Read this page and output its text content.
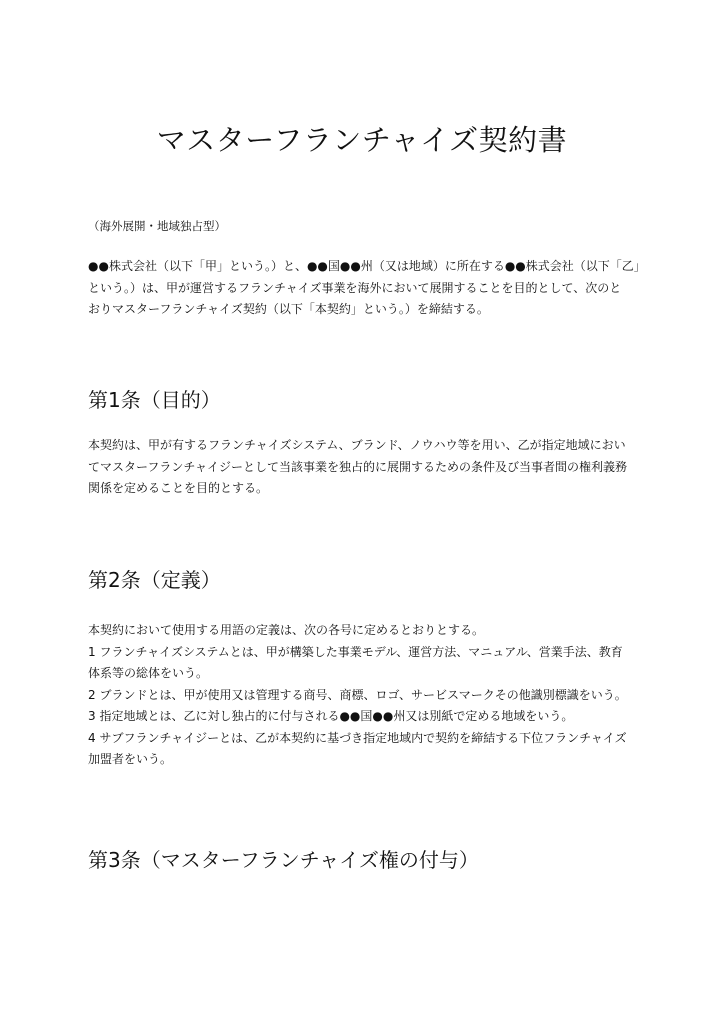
マスターフランチャイズ契約書

（海外展開・地域独占型）

●●株式会社（以下「甲」という。）と、●●国●●州（又は地域）に所在する●●株式会社（以下「乙」
という。）は、甲が運営するフランチャイズ事業を海外において展開することを目的として、次のと
おりマスターフランチャイズ契約（以下「本契約」という。）を締結する。
第1条（目的）
本契約は、甲が有するフランチャイズシステム、ブランド、ノウハウ等を用い、乙が指定地域におい
てマスターフランチャイジーとして当該事業を独占的に展開するための条件及び当事者間の権利義務
関係を定めることを目的とする。
第2条（定義）
本契約において使用する用語の定義は、次の各号に定めるとおりとする。
1 フランチャイズシステムとは、甲が構築した事業モデル、運営方法、マニュアル、営業手法、教育
体系等の総体をいう。
2 ブランドとは、甲が使用又は管理する商号、商標、ロゴ、サービスマークその他識別標識をいう。
3 指定地域とは、乙に対し独占的に付与される●●国●●州又は別紙で定める地域をいう。
4 サブフランチャイジーとは、乙が本契約に基づき指定地域内で契約を締結する下位フランチャイズ
加盟者をいう。
第3条（マスターフランチャイズ権の付与）
